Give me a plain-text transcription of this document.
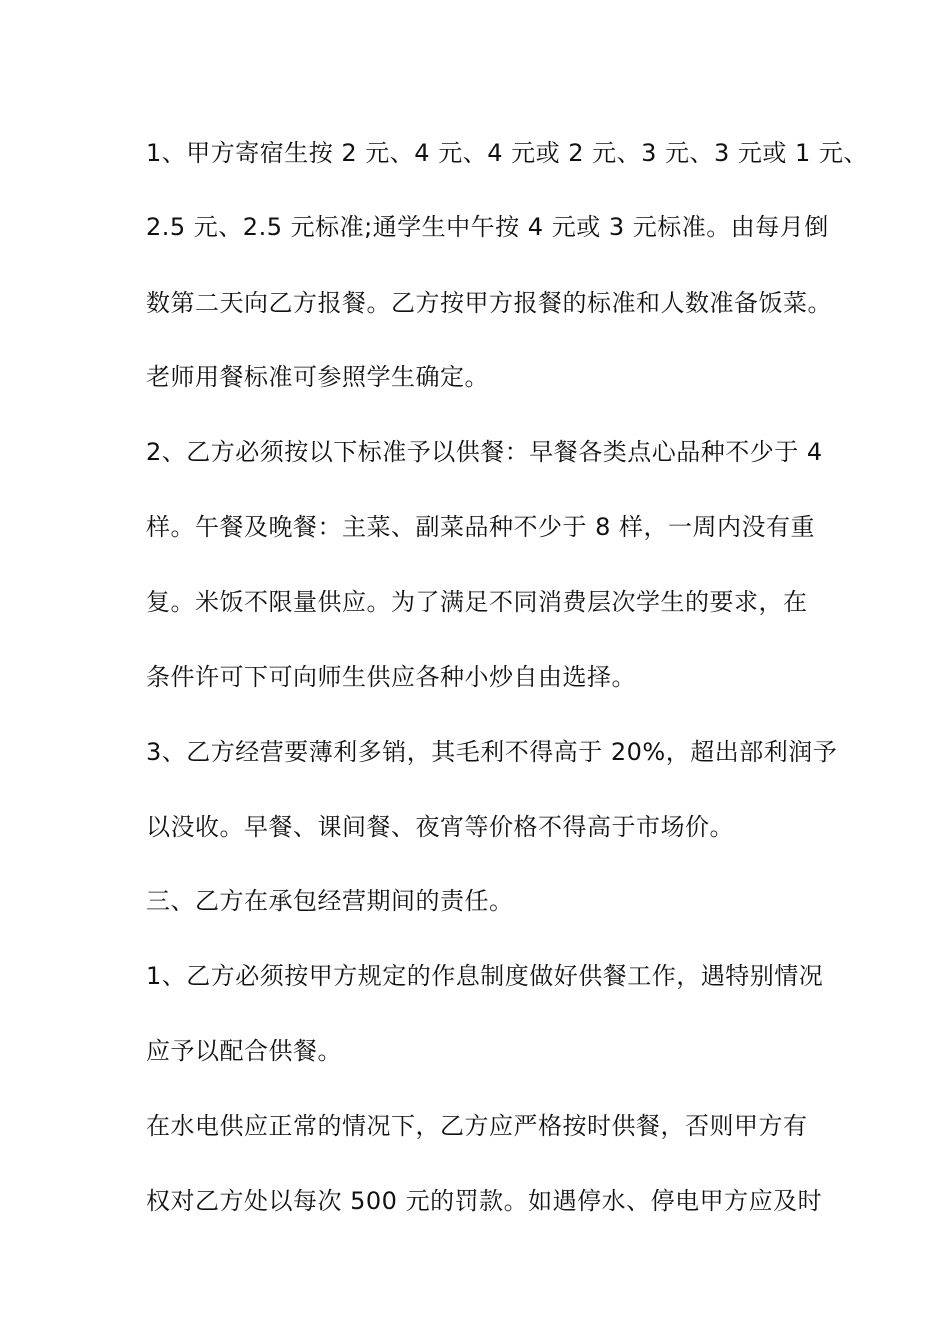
1、甲方寄宿生按 2 元、4 元、4 元或 2 元、3 元、3 元或 1 元、
2.5 元、2.5 元标准;通学生中午按 4 元或 3 元标准。由每月倒
数第二天向乙方报餐。乙方按甲方报餐的标准和人数准备饭菜。
老师用餐标准可参照学生确定。
2、乙方必须按以下标准予以供餐：早餐各类点心品种不少于 4
样。午餐及晚餐：主菜、副菜品种不少于 8 样，一周内没有重
复。米饭不限量供应。为了满足不同消费层次学生的要求，在
条件许可下可向师生供应各种小炒自由选择。
3、乙方经营要薄利多销，其毛利不得高于 20%，超出部利润予
以没收。早餐、课间餐、夜宵等价格不得高于市场价。
三、乙方在承包经营期间的责任。
1、乙方必须按甲方规定的作息制度做好供餐工作，遇特别情况
应予以配合供餐。
在水电供应正常的情况下，乙方应严格按时供餐，否则甲方有
权对乙方处以每次 500 元的罚款。如遇停水、停电甲方应及时
